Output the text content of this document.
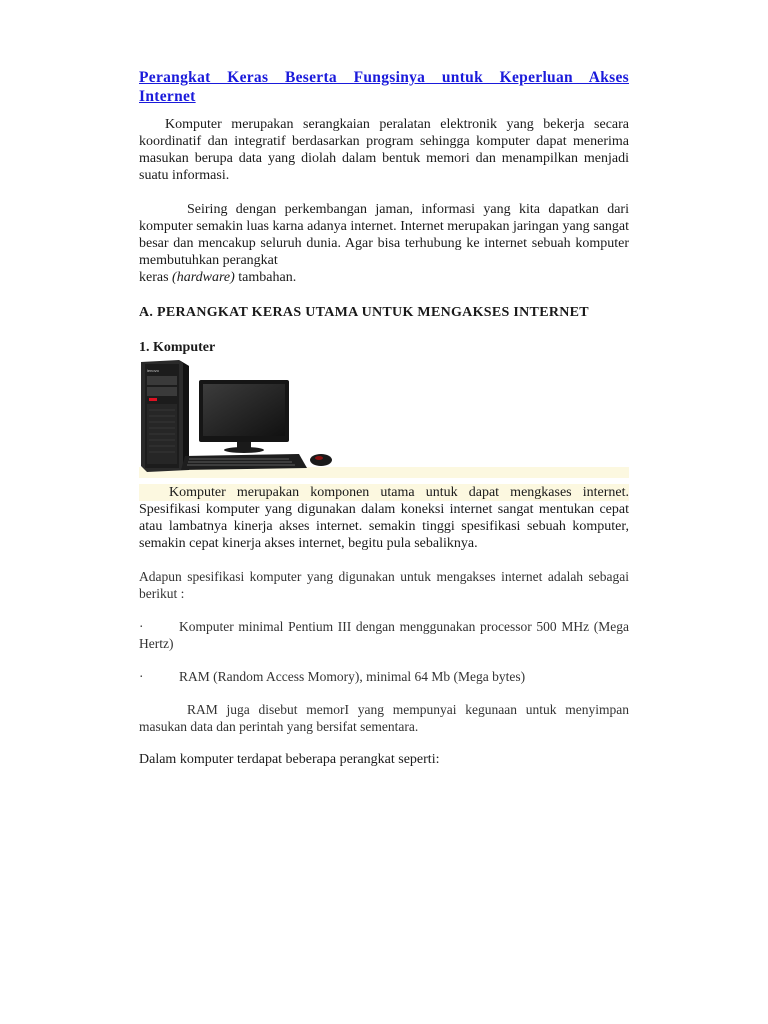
Perangkat Keras Beserta Fungsinya untuk Keperluan Akses
Internet

Komputer merupakan serangkaian peralatan elektronik yang bekerja secara koordinatif dan integratif berdasarkan program sehingga komputer dapat menerima masukan berupa data yang diolah dalam bentuk memori dan menampilkan menjadi suatu informasi.

Seiring dengan perkembangan jaman, informasi yang kita dapatkan dari komputer semakin luas karna adanya internet. Internet merupakan jaringan yang sangat besar dan mencakup seluruh dunia. Agar bisa terhubung ke internet sebuah komputer membutuhkan perangkat
keras (hardware) tambahan.

A. PERANGKAT KERAS UTAMA UNTUK MENGAKSES INTERNET
1. Komputer
lenovo

Komputer merupakan komponen utama untuk dapat mengkases internet. Spesifikasi komputer yang digunakan dalam koneksi internet sangat mentukan cepat atau lambatnya kinerja akses internet. semakin tinggi spesifikasi sebuah komputer, semakin cepat kinerja akses internet, begitu pula sebaliknya.

Adapun spesifikasi komputer yang digunakan untuk mengakses internet adalah sebagai berikut :

·	Komputer minimal Pentium III dengan menggunakan processor 500 MHz (Mega Hertz)

·	RAM (Random Access Momory), minimal 64 Mb (Mega bytes)

RAM juga disebut memorI yang mempunyai kegunaan untuk menyimpan masukan data dan perintah yang bersifat sementara.

Dalam komputer terdapat beberapa perangkat seperti:
